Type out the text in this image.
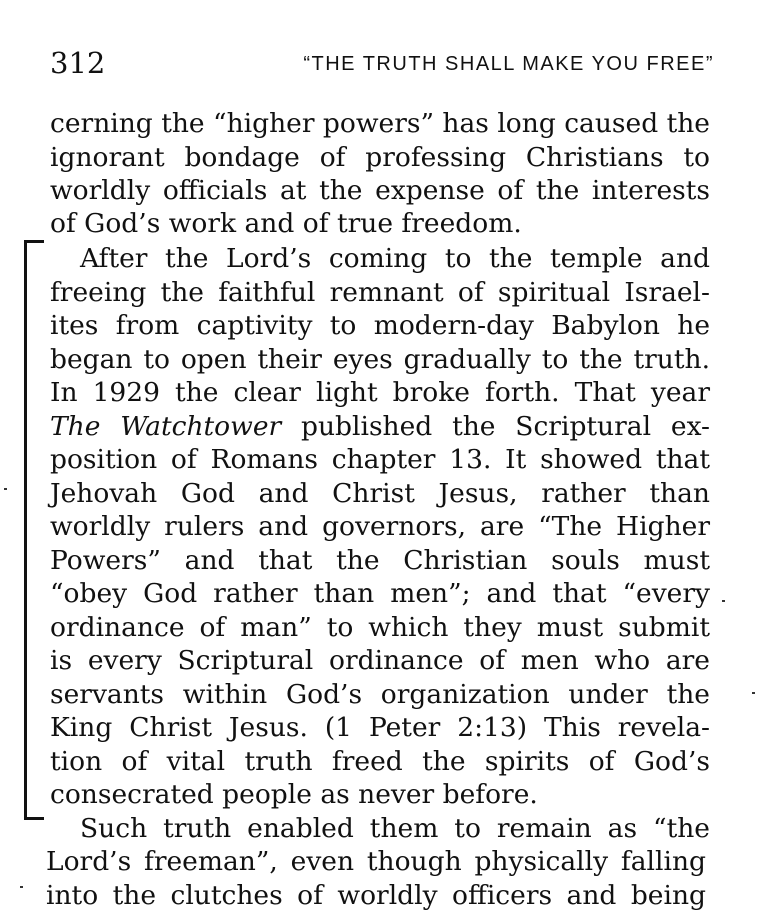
312	“THE TRUTH SHALL MAKE YOU FREE”
cerning the “higher powers” has long caused the
ignorant bondage of professing Christians to
worldly officials at the expense of the interests
of God’s work and of true freedom.
After the Lord’s coming to the temple and
freeing the faithful remnant of spiritual Israel-
ites from captivity to modern-day Babylon he
began to open their eyes gradually to the truth.
In 1929 the clear light broke forth. That year
The Watchtower published the Scriptural ex-
position of Romans chapter 13. It showed that
Jehovah God and Christ Jesus, rather than
worldly rulers and governors, are “The Higher
Powers” and that the Christian souls must
“obey God rather than men”; and that “every
ordinance of man” to which they must submit
is every Scriptural ordinance of men who are
servants within God’s organization under the
King Christ Jesus. (1 Peter 2:13) This revela-
tion of vital truth freed the spirits of God’s
consecrated people as never before.
Such truth enabled them to remain as “the
Lord’s freeman”, even though physically falling
into the clutches of worldly officers and being
